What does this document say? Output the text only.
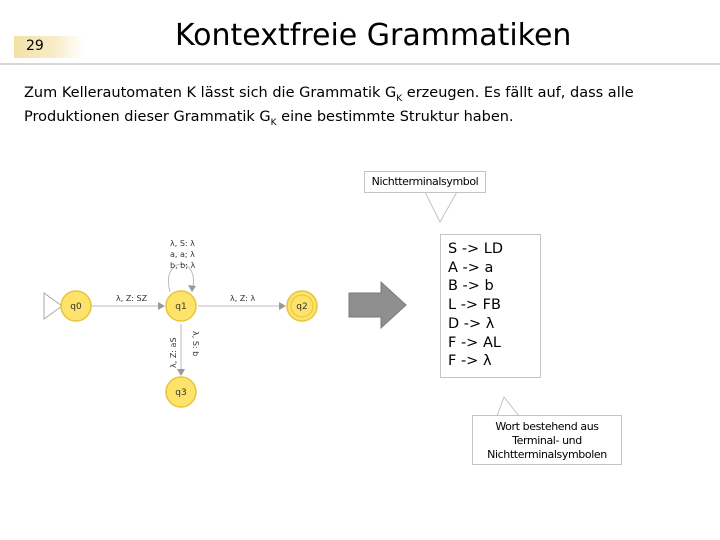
29	Kontextfreie Grammatiken
Zum Kellerautomaten K lässt sich die Grammatik $G_K$ erzeugen. Es fällt auf, dass alle
Produktionen dieser Grammatik $G_K$ eine bestimmte Struktur haben.
λ, Z: SZ	λ, Z: λ
λ, S: λ
a, a; λ
b, b; λ
λ, Z: aS λ, S: b
q0	q1	q2
q3
Nichtterminalsymbol
Wort bestehend aus
Terminal- und
Nichtterminalsymbolen
S -> LD
A -> a
B -> b
L -> FB
D -> λ
F -> AL
F -> λ
